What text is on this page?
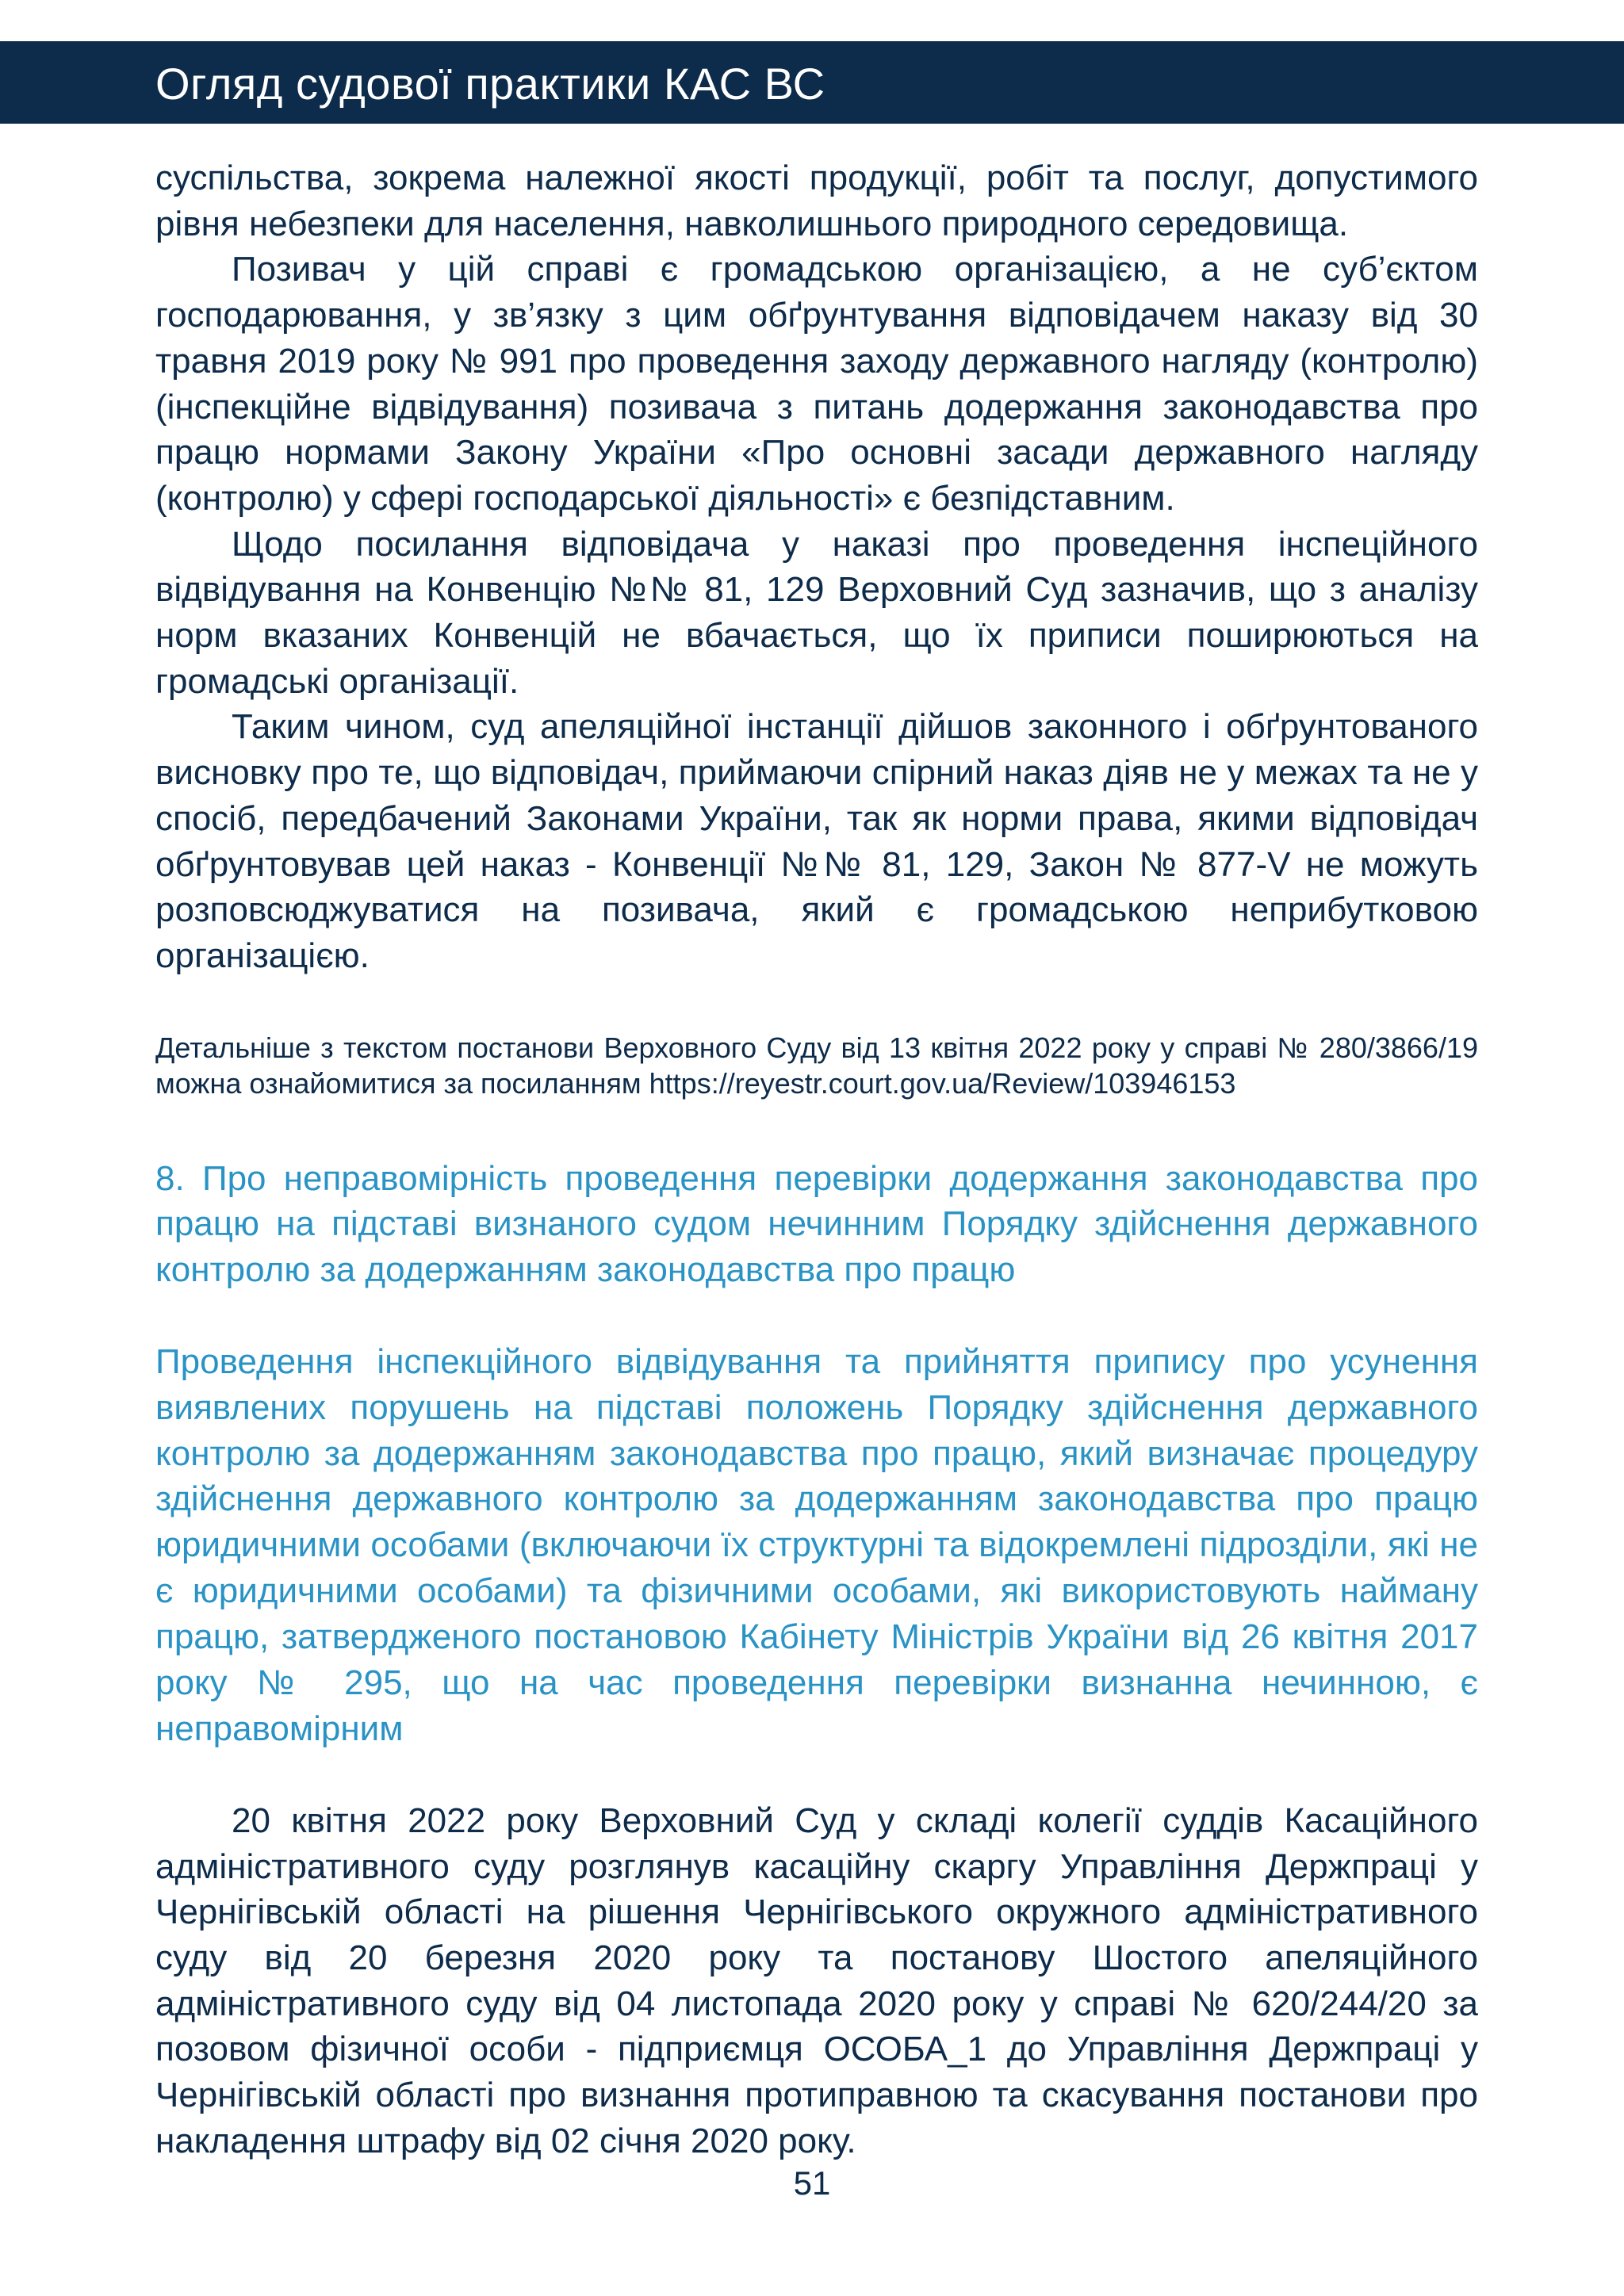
Огляд судової практики КАС ВС

суспільства, зокрема належної якості продукції, робіт та послуг, допустимого рівня небезпеки для населення, навколишнього природного середовища.

Позивач у цій справі є громадською організацією, а не суб’єктом господарювання, у зв’язку з цим обґрунтування відповідачем наказу від 30 травня 2019 року № 991 про проведення заходу державного нагляду (контролю) (інспекційне відвідування) позивача з питань додержання законодавства про працю нормами Закону України «Про основні засади державного нагляду (контролю) у сфері господарської діяльності» є безпідставним.

Щодо посилання відповідача у наказі про проведення інспеційного відвідування на Конвенцію №№ 81, 129 Верховний Суд зазначив, що з аналізу норм вказаних Конвенцій не вбачається, що їх приписи поширюються на громадські організації.

Таким чином, суд апеляційної інстанції дійшов законного і обґрунтованого висновку про те, що відповідач, приймаючи спірний наказ діяв не у межах та не у спосіб, передбачений Законами України, так як норми права, якими відповідач обґрунтовував цей наказ - Конвенції №№ 81, 129, Закон № 877-V не можуть розповсюджуватися на позивача, який є громадською неприбутковою організацією.

Детальніше з текстом постанови Верховного Суду від 13 квітня 2022 року у справі № 280/3866/19 можна ознайомитися за посиланням https://reyestr.court.gov.ua/Review/103946153

8. Про неправомірність проведення перевірки додержання законодавства про працю на підставі визнаного судом нечинним Порядку здійснення державного контролю за додержанням законодавства про працю

Проведення інспекційного відвідування та прийняття припису про усунення виявлених порушень на підставі положень Порядку здійснення державного контролю за додержанням законодавства про працю, який визначає процедуру здійснення державного контролю за додержанням законодавства про працю юридичними особами (включаючи їх структурні та відокремлені підрозділи, які не є юридичними особами) та фізичними особами, які використовують найману працю, затвердженого постановою Кабінету Міністрів України від 26 квітня 2017 року № 295, що на час проведення перевірки визнанна нечинною, є неправомірним

20 квітня 2022 року Верховний Суд у складі колегії суддів Касаційного адміністративного суду розглянув касаційну скаргу Управління Держпраці у Чернігівській області на рішення Чернігівського окружного адміністративного суду від 20 березня 2020 року та постанову Шостого апеляційного адміністративного суду від 04 листопада 2020 року у справі № 620/244/20 за позовом фізичної особи - підприємця ОСОБА_1 до Управління Держпраці у Чернігівській області про визнання протиправною та скасування постанови про накладення штрафу від 02 січня 2020 року.

51
